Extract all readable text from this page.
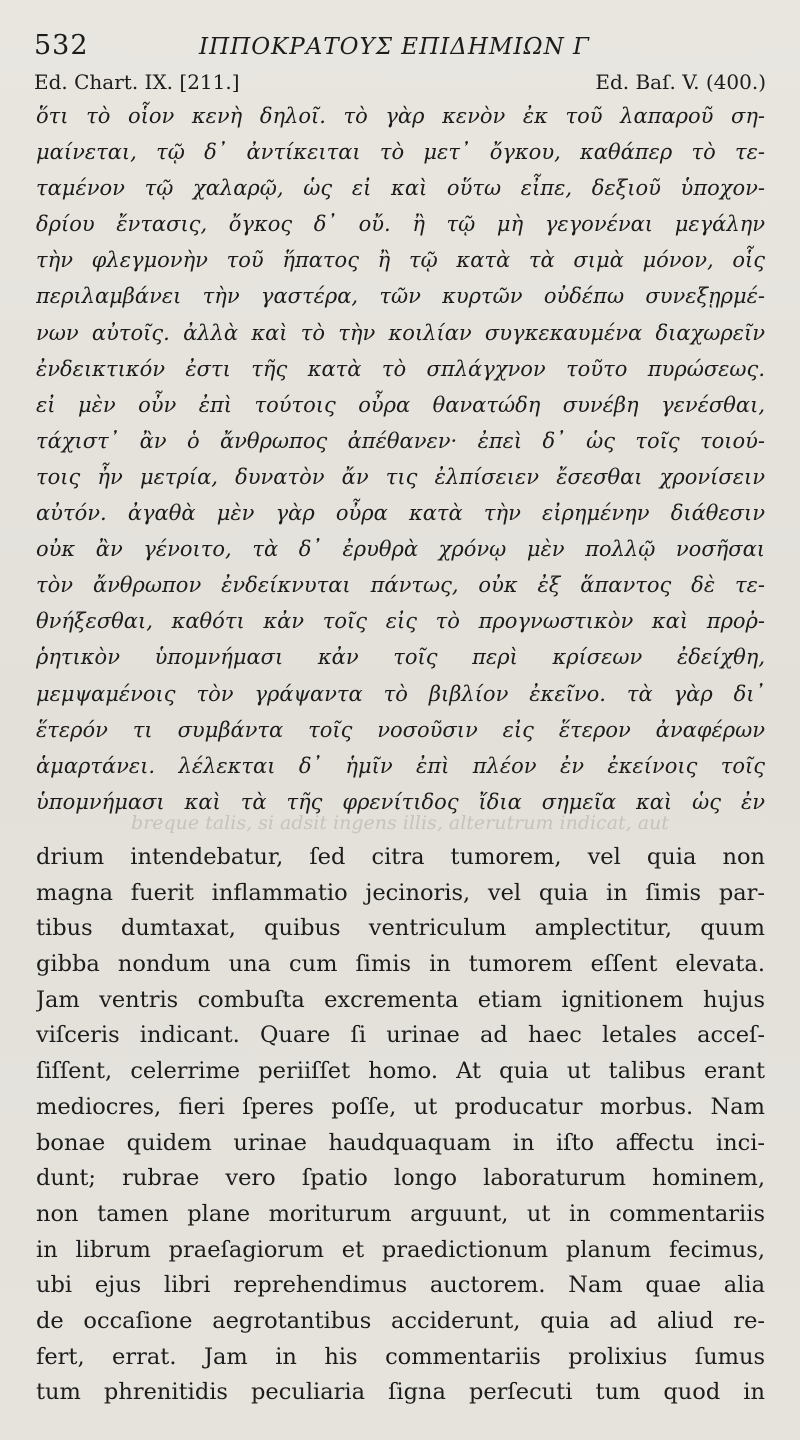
532	ΙΠΠΟΚΡΑΤΟΥΣ ΕΠΙΔΗΜΙΩΝ Γ
Ed. Chart. IX. [211.]	Ed. Baſ. V. (400.)
ὅτι τὸ οἷον κενὴ δηλοῖ. τὸ γὰρ κενὸν ἐκ τοῦ λαπαροῦ ση-
μαίνεται, τῷ δ᾽ ἀντίκειται τὸ μετ᾽ ὄγκου, καθάπερ τὸ τε-
ταμένον τῷ χαλαρῷ, ὡς εἰ καὶ οὕτω εἶπε, δεξιοῦ ὑποχον-
δρίου ἔντασις, ὄγκος δ᾽ οὔ. ἢ τῷ μὴ γεγονέναι μεγάλην
τὴν φλεγμονὴν τοῦ ἥπατος ἢ τῷ κατὰ τὰ σιμὰ μόνον, οἷς
περιλαμβάνει τὴν γαστέρα, τῶν κυρτῶν οὐδέπω συνεξῃρμέ-
νων αὐτοῖς. ἀλλὰ καὶ τὸ τὴν κοιλίαν συγκεκαυμένα διαχωρεῖν
ἐνδεικτικόν ἐστι τῆς κατὰ τὸ σπλάγχνον τοῦτο πυρώσεως.
εἰ μὲν οὖν ἐπὶ τούτοις οὖρα θανατώδη συνέβη γενέσθαι,
τάχιστ᾽ ἂν ὁ ἄνθρωπος ἀπέθανεν· ἐπεὶ δ᾽ ὡς τοῖς τοιού-
τοις ἦν μετρία, δυνατὸν ἄν τις ἐλπίσειεν ἔσεσθαι χρονίσειν
αὐτόν. ἀγαθὰ μὲν γὰρ οὖρα κατὰ τὴν εἰρημένην διάθεσιν
οὐκ ἂν γένοιτο, τὰ δ᾽ ἐρυθρὰ χρόνῳ μὲν πολλῷ νοσῆσαι
τὸν ἄνθρωπον ἐνδείκνυται πάντως, οὐκ ἐξ ἅπαντος δὲ τε-
θνήξεσθαι, καθότι κἀν τοῖς εἰς τὸ προγνωστικὸν καὶ προῤ-
ῥητικὸν ὑπομνήμασι κἀν τοῖς περὶ κρίσεων ἐδείχθη,
μεμψαμένοις τὸν γράψαντα τὸ βιβλίον ἐκεῖνο. τὰ γὰρ δι᾽
ἕτερόν τι συμβάντα τοῖς νοσοῦσιν εἰς ἕτερον ἀναφέρων
ἁμαρτάνει. λέλεκται δ᾽ ἡμῖν ἐπὶ πλέον ἐν ἐκείνοις τοῖς
ὑπομνήμασι καὶ τὰ τῆς φρενίτιδος ἴδια σημεῖα καὶ ὡς ἐν
breque talis, si adsit ingens illis, alterutrum indicat, aut
drium intendebatur, ſed citra tumorem, vel quia non
magna fuerit inflammatio jecinoris, vel quia in ſimis par-
tibus dumtaxat, quibus ventriculum amplectitur, quum
gibba nondum una cum ſimis in tumorem eſſent elevata.
Jam ventris combuſta excrementa etiam ignitionem hujus
viſceris indicant. Quare ſi urinae ad haec letales acceſ-
ſiſſent, celerrime periiſſet homo. At quia ut talibus erant
mediocres, fieri ſperes poſſe, ut producatur morbus. Nam
bonae quidem urinae haudquaquam in iſto affectu inci-
dunt; rubrae vero ſpatio longo laboraturum hominem,
non tamen plane moriturum arguunt, ut in commentariis
in librum praeſagiorum et praedictionum planum fecimus,
ubi ejus libri reprehendimus auctorem. Nam quae alia
de occaſione aegrotantibus acciderunt, quia ad aliud re-
fert, errat. Jam in his commentariis prolixius ſumus
tum phrenitidis peculiaria ſigna perſecuti tum quod in
